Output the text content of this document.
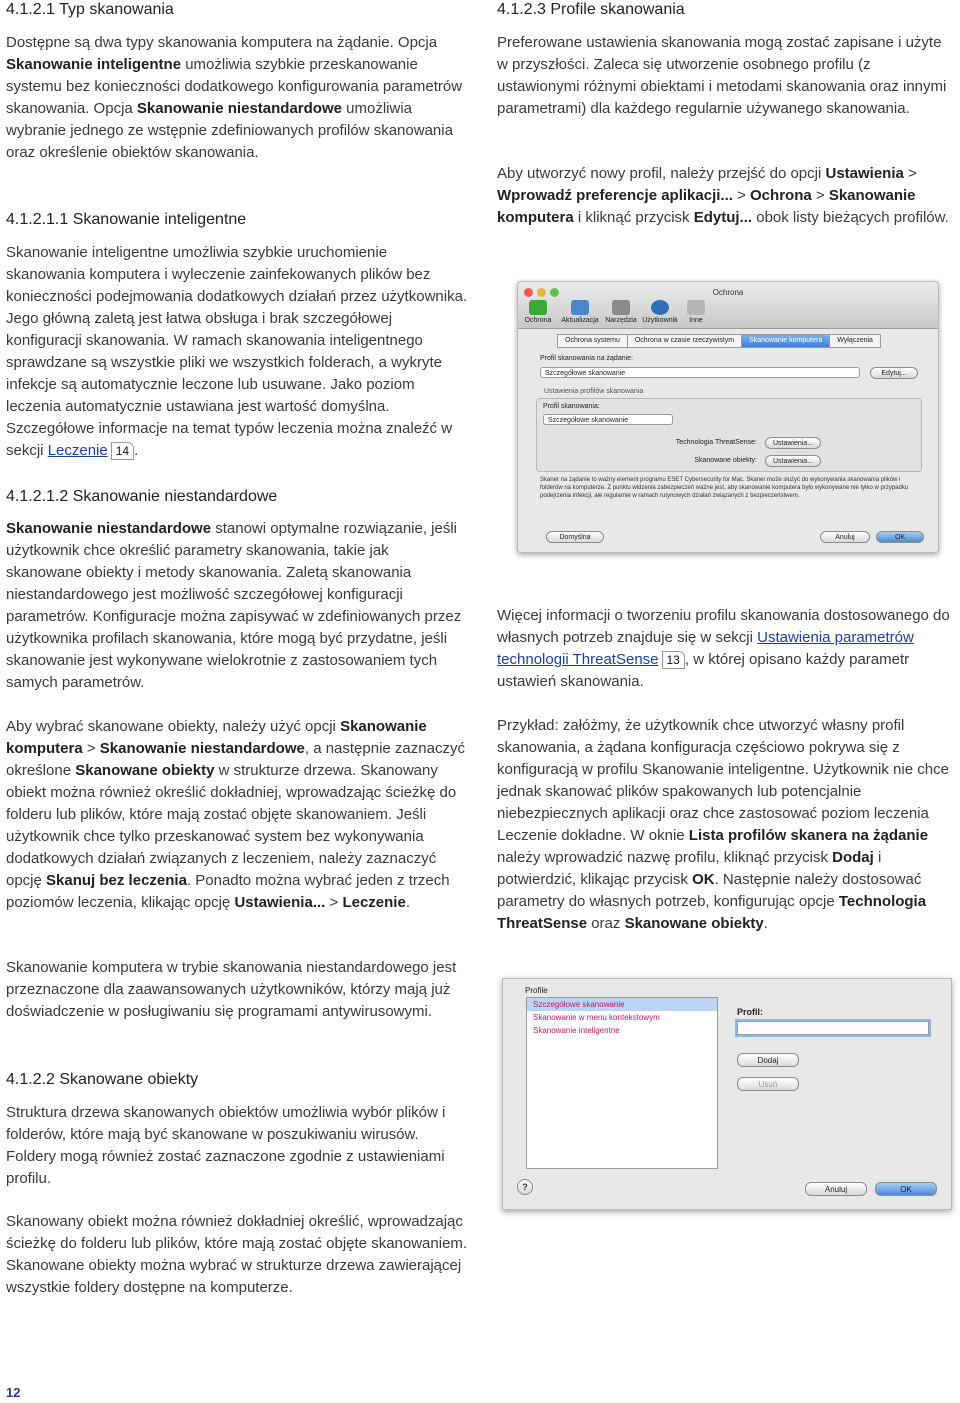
4.1.2.1 Typ skanowania
Dostępne są dwa typy skanowania komputera na żądanie. Opcja Skanowanie inteligentne umożliwia szybkie przeskanowanie systemu bez konieczności dodatkowego konfigurowania parametrów skanowania. Opcja Skanowanie niestandardowe umożliwia wybranie jednego ze wstępnie zdefiniowanych profilów skanowania oraz określenie obiektów skanowania.
4.1.2.1.1 Skanowanie inteligentne
Skanowanie inteligentne umożliwia szybkie uruchomienie skanowania komputera i wyleczenie zainfekowanych plików bez konieczności podejmowania dodatkowych działań przez użytkownika. Jego główną zaletą jest łatwa obsługa i brak szczegółowej konfiguracji skanowania. W ramach skanowania inteligentnego sprawdzane są wszystkie pliki we wszystkich folderach, a wykryte infekcje są automatycznie leczone lub usuwane. Jako poziom leczenia automatycznie ustawiana jest wartość domyślna. Szczegółowe informacje na temat typów leczenia można znaleźć w sekcji Leczenie 14 .
4.1.2.1.2 Skanowanie niestandardowe
Skanowanie niestandardowe stanowi optymalne rozwiązanie, jeśli użytkownik chce określić parametry skanowania, takie jak skanowane obiekty i metody skanowania. Zaletą skanowania niestandardowego jest możliwość szczegółowej konfiguracji parametrów. Konfiguracje można zapisywać w zdefiniowanych przez użytkownika profilach skanowania, które mogą być przydatne, jeśli skanowanie jest wykonywane wielokrotnie z zastosowaniem tych samych parametrów.
Aby wybrać skanowane obiekty, należy użyć opcji Skanowanie komputera > Skanowanie niestandardowe, a następnie zaznaczyć określone Skanowane obiekty w strukturze drzewa. Skanowany obiekt można również określić dokładniej, wprowadzając ścieżkę do folderu lub plików, które mają zostać objęte skanowaniem. Jeśli użytkownik chce tylko przeskanować system bez wykonywania dodatkowych działań związanych z leczeniem, należy zaznaczyć opcję Skanuj bez leczenia. Ponadto można wybrać jeden z trzech poziomów leczenia, klikając opcję Ustawienia... > Leczenie.
Skanowanie komputera w trybie skanowania niestandardowego jest przeznaczone dla zaawansowanych użytkowników, którzy mają już doświadczenie w posługiwaniu się programami antywirusowymi.
4.1.2.2 Skanowane obiekty
Struktura drzewa skanowanych obiektów umożliwia wybór plików i folderów, które mają być skanowane w poszukiwaniu wirusów. Foldery mogą również zostać zaznaczone zgodnie z ustawieniami profilu.
Skanowany obiekt można również dokładniej określić, wprowadzając ścieżkę do folderu lub plików, które mają zostać objęte skanowaniem. Skanowane obiekty można wybrać w strukturze drzewa zawierającej wszystkie foldery dostępne na komputerze.
12
4.1.2.3 Profile skanowania
Preferowane ustawienia skanowania mogą zostać zapisane i użyte w przyszłości. Zaleca się utworzenie osobnego profilu (z ustawionymi różnymi obiektami i metodami skanowania oraz innymi parametrami) dla każdego regularnie używanego skanowania.
Aby utworzyć nowy profil, należy przejść do opcji Ustawienia > Wprowadź preferencje aplikacji... > Ochrona > Skanowanie komputera i kliknąć przycisk Edytuj... obok listy bieżących profilów.
Ochrona
Ochrona	Aktualizacja Narzędzia Użytkownik	Inne
Ochrona systemu	Ochrona w czasie rzeczywistym	Skanowanie komputera	Wyłączenia
Profil skanowania na żądanie:
Szczegółowe skanowanie	Edytuj...
Ustawienia profilów skanowania
Profil skanowania:
Szczegółowe skanowanie
Technologia ThreatSense:	Ustawienia...
Skanowane obiekty:	Ustawienia...
Skaner na żądanie to ważny element programu ESET Cybersecurity for Mac. Skaner może służyć do wykonywania skanowania plików i folderów na komputerze. Z punktu widzenia zabezpieczeń ważne jest, aby skanowanie komputera było wykonywane nie tylko w przypadku podejrzenia infekcji, ale regularnie w ramach rutynowych działań związanych z bezpieczeństwem.
Domyślna	Anuluj	OK
Więcej informacji o tworzeniu profilu skanowania dostosowanego do własnych potrzeb znajduje się w sekcji Ustawienia parametrów technologii ThreatSense 13 , w której opisano każdy parametr ustawień skanowania.
Przykład: załóżmy, że użytkownik chce utworzyć własny profil skanowania, a żądana konfiguracja częściowo pokrywa się z konfiguracją w profilu Skanowanie inteligentne. Użytkownik nie chce jednak skanować plików spakowanych lub potencjalnie niebezpiecznych aplikacji oraz chce zastosować poziom leczenia Leczenie dokładne. W oknie Lista profilów skanera na żądanie należy wprowadzić nazwę profilu, kliknąć przycisk Dodaj i potwierdzić, klikając przycisk OK. Następnie należy dostosować parametry do własnych potrzeb, konfigurując opcje Technologia ThreatSense oraz Skanowane obiekty.
Profile
Szczegółowe skanowanie
Skanowanie w menu kontekstowym
Skanowanie inteligentne
Profil:
Dodaj
Usuń
?	Anuluj	OK
